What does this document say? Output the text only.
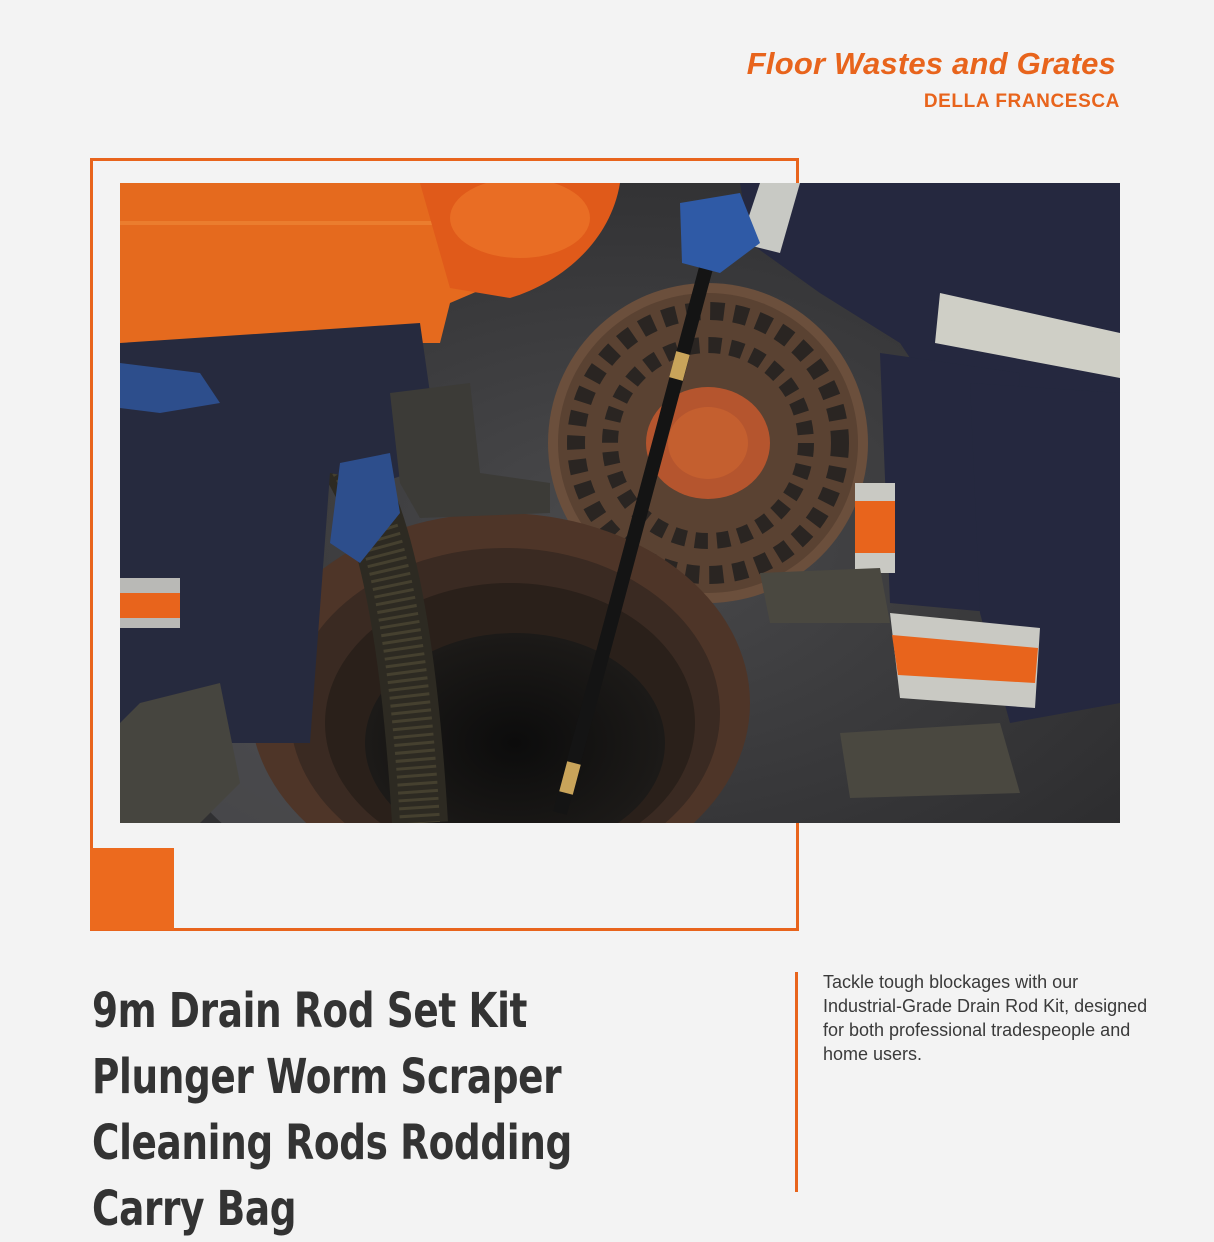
Floor Wastes and Grates
DELLA FRANCESCA
9m Drain Rod Set Kit Plunger Worm Scraper Cleaning Rods Rodding Carry Bag
Tackle tough blockages with our Industrial-Grade Drain Rod Kit, designed for both professional tradespeople and home users.
